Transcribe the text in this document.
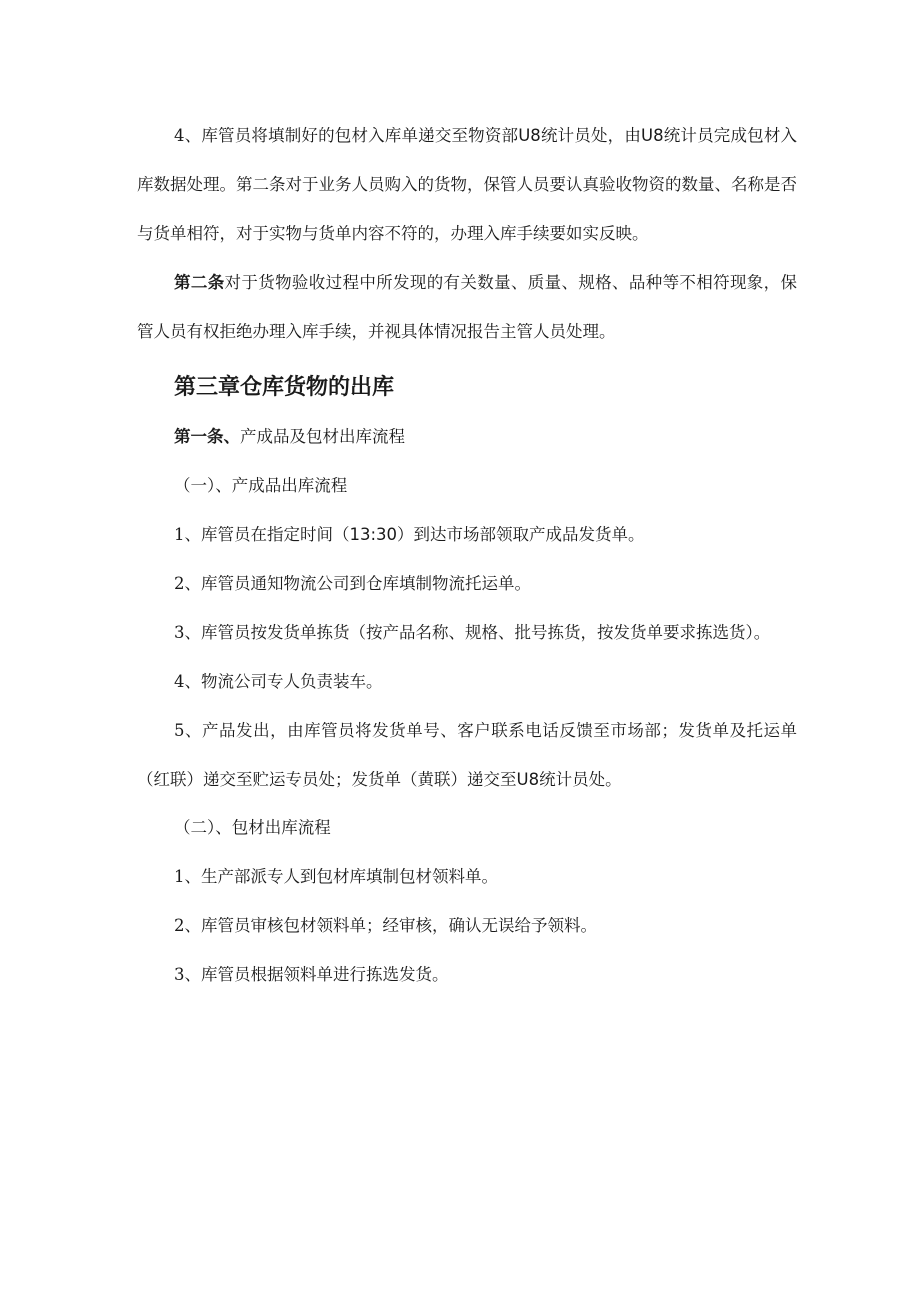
4、库管员将填制好的包材入库单递交至物资部U8统计员处，由U8统计员完成包材入库数据处理。第二条对于业务人员购入的货物，保管人员要认真验收物资的数量、名称是否与货单相符，对于实物与货单内容不符的，办理入库手续要如实反映。

第二条对于货物验收过程中所发现的有关数量、质量、规格、品种等不相符现象，保管人员有权拒绝办理入库手续，并视具体情况报告主管人员处理。

第三章仓库货物的出库

第一条、产成品及包材出库流程

（一）、产成品出库流程

1、库管员在指定时间（13:30）到达市场部领取产成品发货单。

2、库管员通知物流公司到仓库填制物流托运单。

3、库管员按发货单拣货（按产品名称、规格、批号拣货，按发货单要求拣选货）。

4、物流公司专人负责装车。

5、产品发出，由库管员将发货单号、客户联系电话反馈至市场部；发货单及托运单（红联）递交至贮运专员处；发货单（黄联）递交至U8统计员处。

（二）、包材出库流程

1、生产部派专人到包材库填制包材领料单。

2、库管员审核包材领料单；经审核，确认无误给予领料。

3、库管员根据领料单进行拣选发货。
